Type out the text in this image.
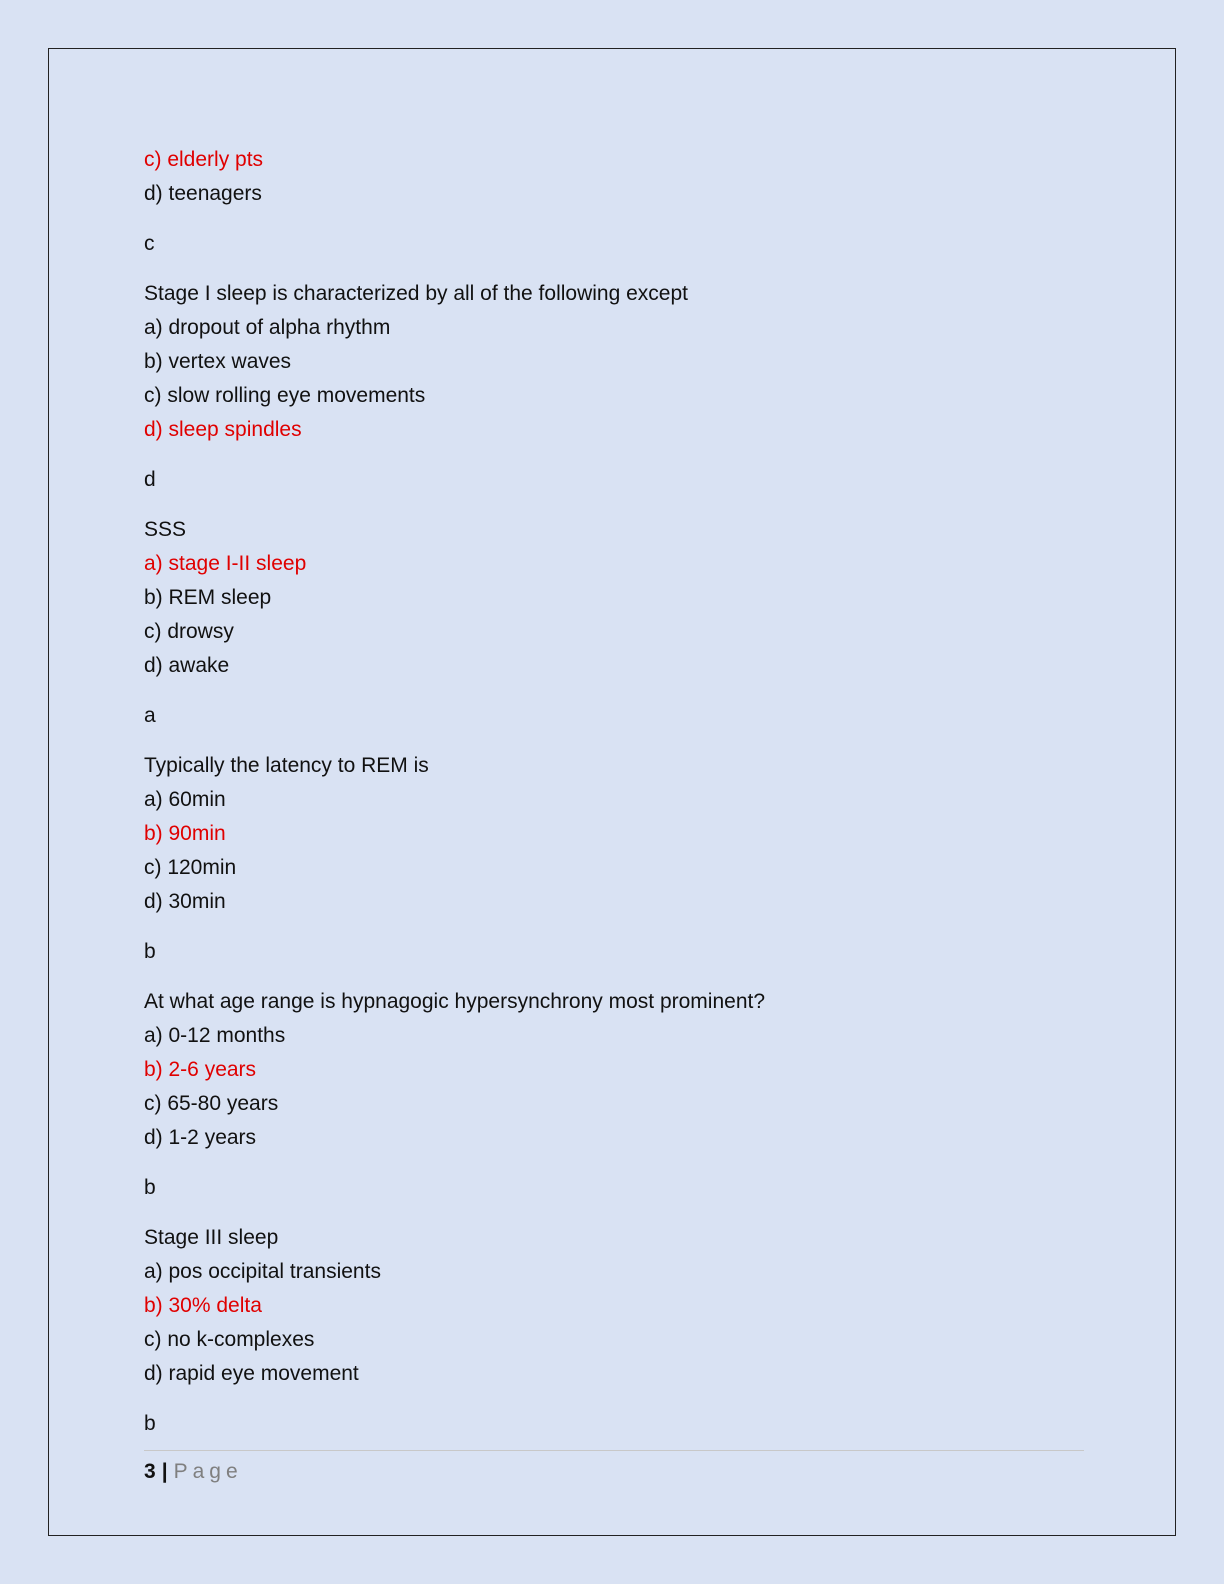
c) elderly pts
d) teenagers
c
Stage I sleep is characterized by all of the following except
a) dropout of alpha rhythm
b) vertex waves
c) slow rolling eye movements
d) sleep spindles
d
SSS
a) stage I-II sleep
b) REM sleep
c) drowsy
d) awake
a
Typically the latency to REM is
a) 60min
b) 90min
c) 120min
d) 30min
b
At what age range is hypnagogic hypersynchrony most prominent?
a) 0-12 months
b) 2-6 years
c) 65-80 years
d) 1-2 years
b
Stage III sleep
a) pos occipital transients
b) 30% delta
c) no k-complexes
d) rapid eye movement
b
3 | Page
